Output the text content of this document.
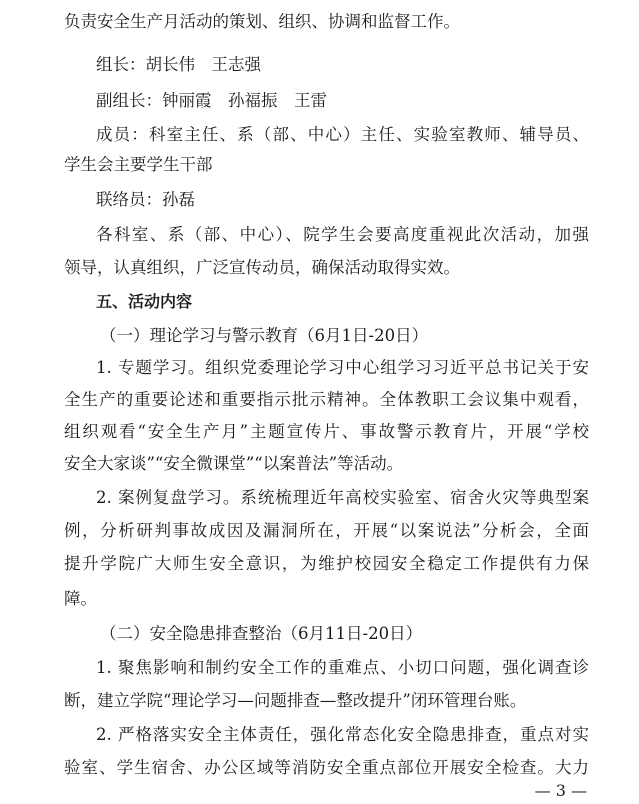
负责安全生产月活动的策划、组织、协调和监督工作。
组长：胡长伟　王志强
副组长：钟丽霞　孙福振　王雷
成员：科室主任、系（部、中心）主任、实验室教师、辅导员、
学生会主要学生干部
联络员：孙磊
各科室、系（部、中心）、院学生会要高度重视此次活动，加强
领导，认真组织，广泛宣传动员，确保活动取得实效。
五、活动内容
（一）理论学习与警示教育（6月1日-20日）
1. 专题学习。组织党委理论学习中心组学习习近平总书记关于安
全生产的重要论述和重要指示批示精神。全体教职工会议集中观看，
组织观看“安全生产月”主题宣传片、事故警示教育片，开展“学校
安全大家谈”“安全微课堂”“以案普法”等活动。
2. 案例复盘学习。系统梳理近年高校实验室、宿舍火灾等典型案
例，分析研判事故成因及漏洞所在，开展“以案说法”分析会，全面
提升学院广大师生安全意识，为维护校园安全稳定工作提供有力保
障。
（二）安全隐患排查整治（6月11日-20日）
1. 聚焦影响和制约安全工作的重难点、小切口问题，强化调查诊
断，建立学院“理论学习—问题排查—整改提升”闭环管理台账。
2. 严格落实安全主体责任，强化常态化安全隐患排查，重点对实
验室、学生宿舍、办公区域等消防安全重点部位开展安全检查。大力
— 3 —
